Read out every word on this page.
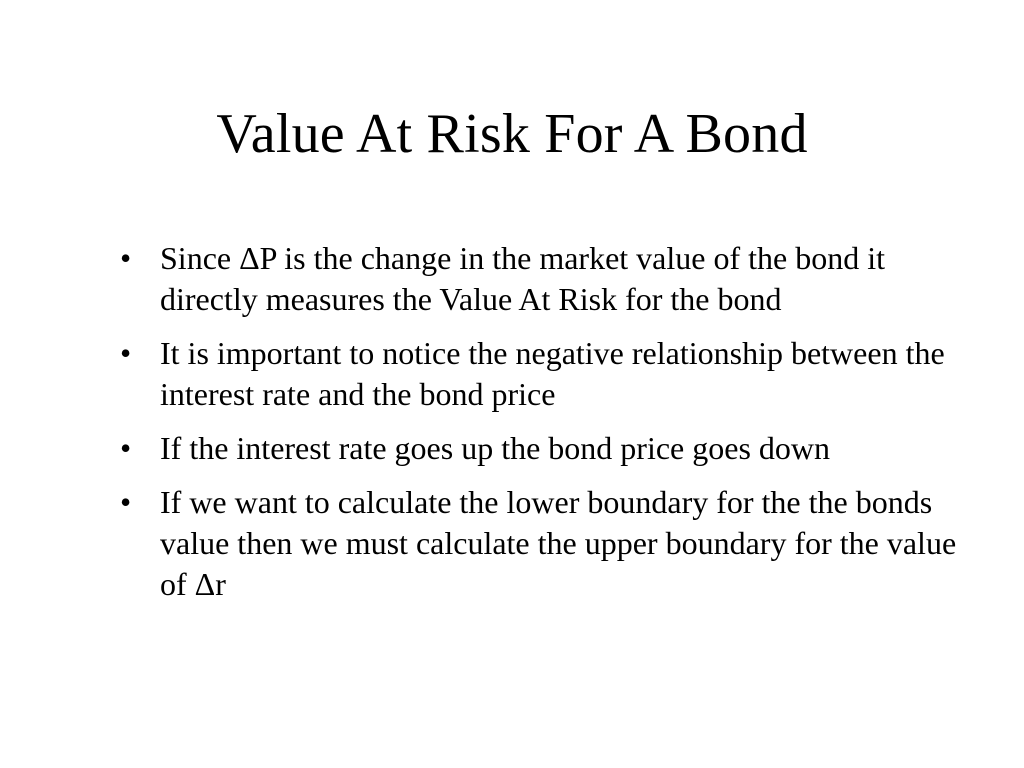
Value At Risk For A Bond
• Since ΔP is the change in the market value of the bond it directly measures the Value At Risk for the bond
• It is important to notice the negative relationship between the interest rate and the bond price
• If the interest rate goes up the bond price goes down
• If we want to calculate the lower boundary for the the bonds value then we must calculate the upper boundary for the value of Δr
